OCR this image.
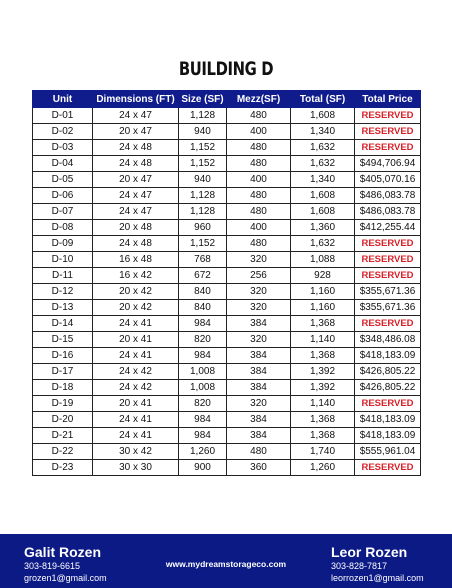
BUILDING D
Unit	Dimensions (FT)	Size (SF)	Mezz(SF)	Total (SF)	Total Price
D-01	24 x 47	1,128	480	1,608	RESERVED
D-02	20 x 47	940	400	1,340	RESERVED
D-03	24 x 48	1,152	480	1,632	RESERVED
D-04	24 x 48	1,152	480	1,632	$494,706.94
D-05	20 x 47	940	400	1,340	$405,070.16
D-06	24 x 47	1,128	480	1,608	$486,083.78
D-07	24 x 47	1,128	480	1,608	$486,083.78
D-08	20 x 48	960	400	1,360	$412,255.44
D-09	24 x 48	1,152	480	1,632	RESERVED
D-10	16 x 48	768	320	1,088	RESERVED
D-11	16 x 42	672	256	928	RESERVED
D-12	20 x 42	840	320	1,160	$355,671.36
D-13	20 x 42	840	320	1,160	$355,671.36
D-14	24 x 41	984	384	1,368	RESERVED
D-15	20 x 41	820	320	1,140	$348,486.08
D-16	24 x 41	984	384	1,368	$418,183.09
D-17	24 x 42	1,008	384	1,392	$426,805.22
D-18	24 x 42	1,008	384	1,392	$426,805.22
D-19	20 x 41	820	320	1,140	RESERVED
D-20	24 x 41	984	384	1,368	$418,183.09
D-21	24 x 41	984	384	1,368	$418,183.09
D-22	30 x 42	1,260	480	1,740	$555,961.04
D-23	30 x 30	900	360	1,260	RESERVED
Galit Rozen
303-819-6615
grozen1@gmail.com
www.mydreamstorageco.com
Leor Rozen
303-828-7817
leorrozen1@gmail.com
